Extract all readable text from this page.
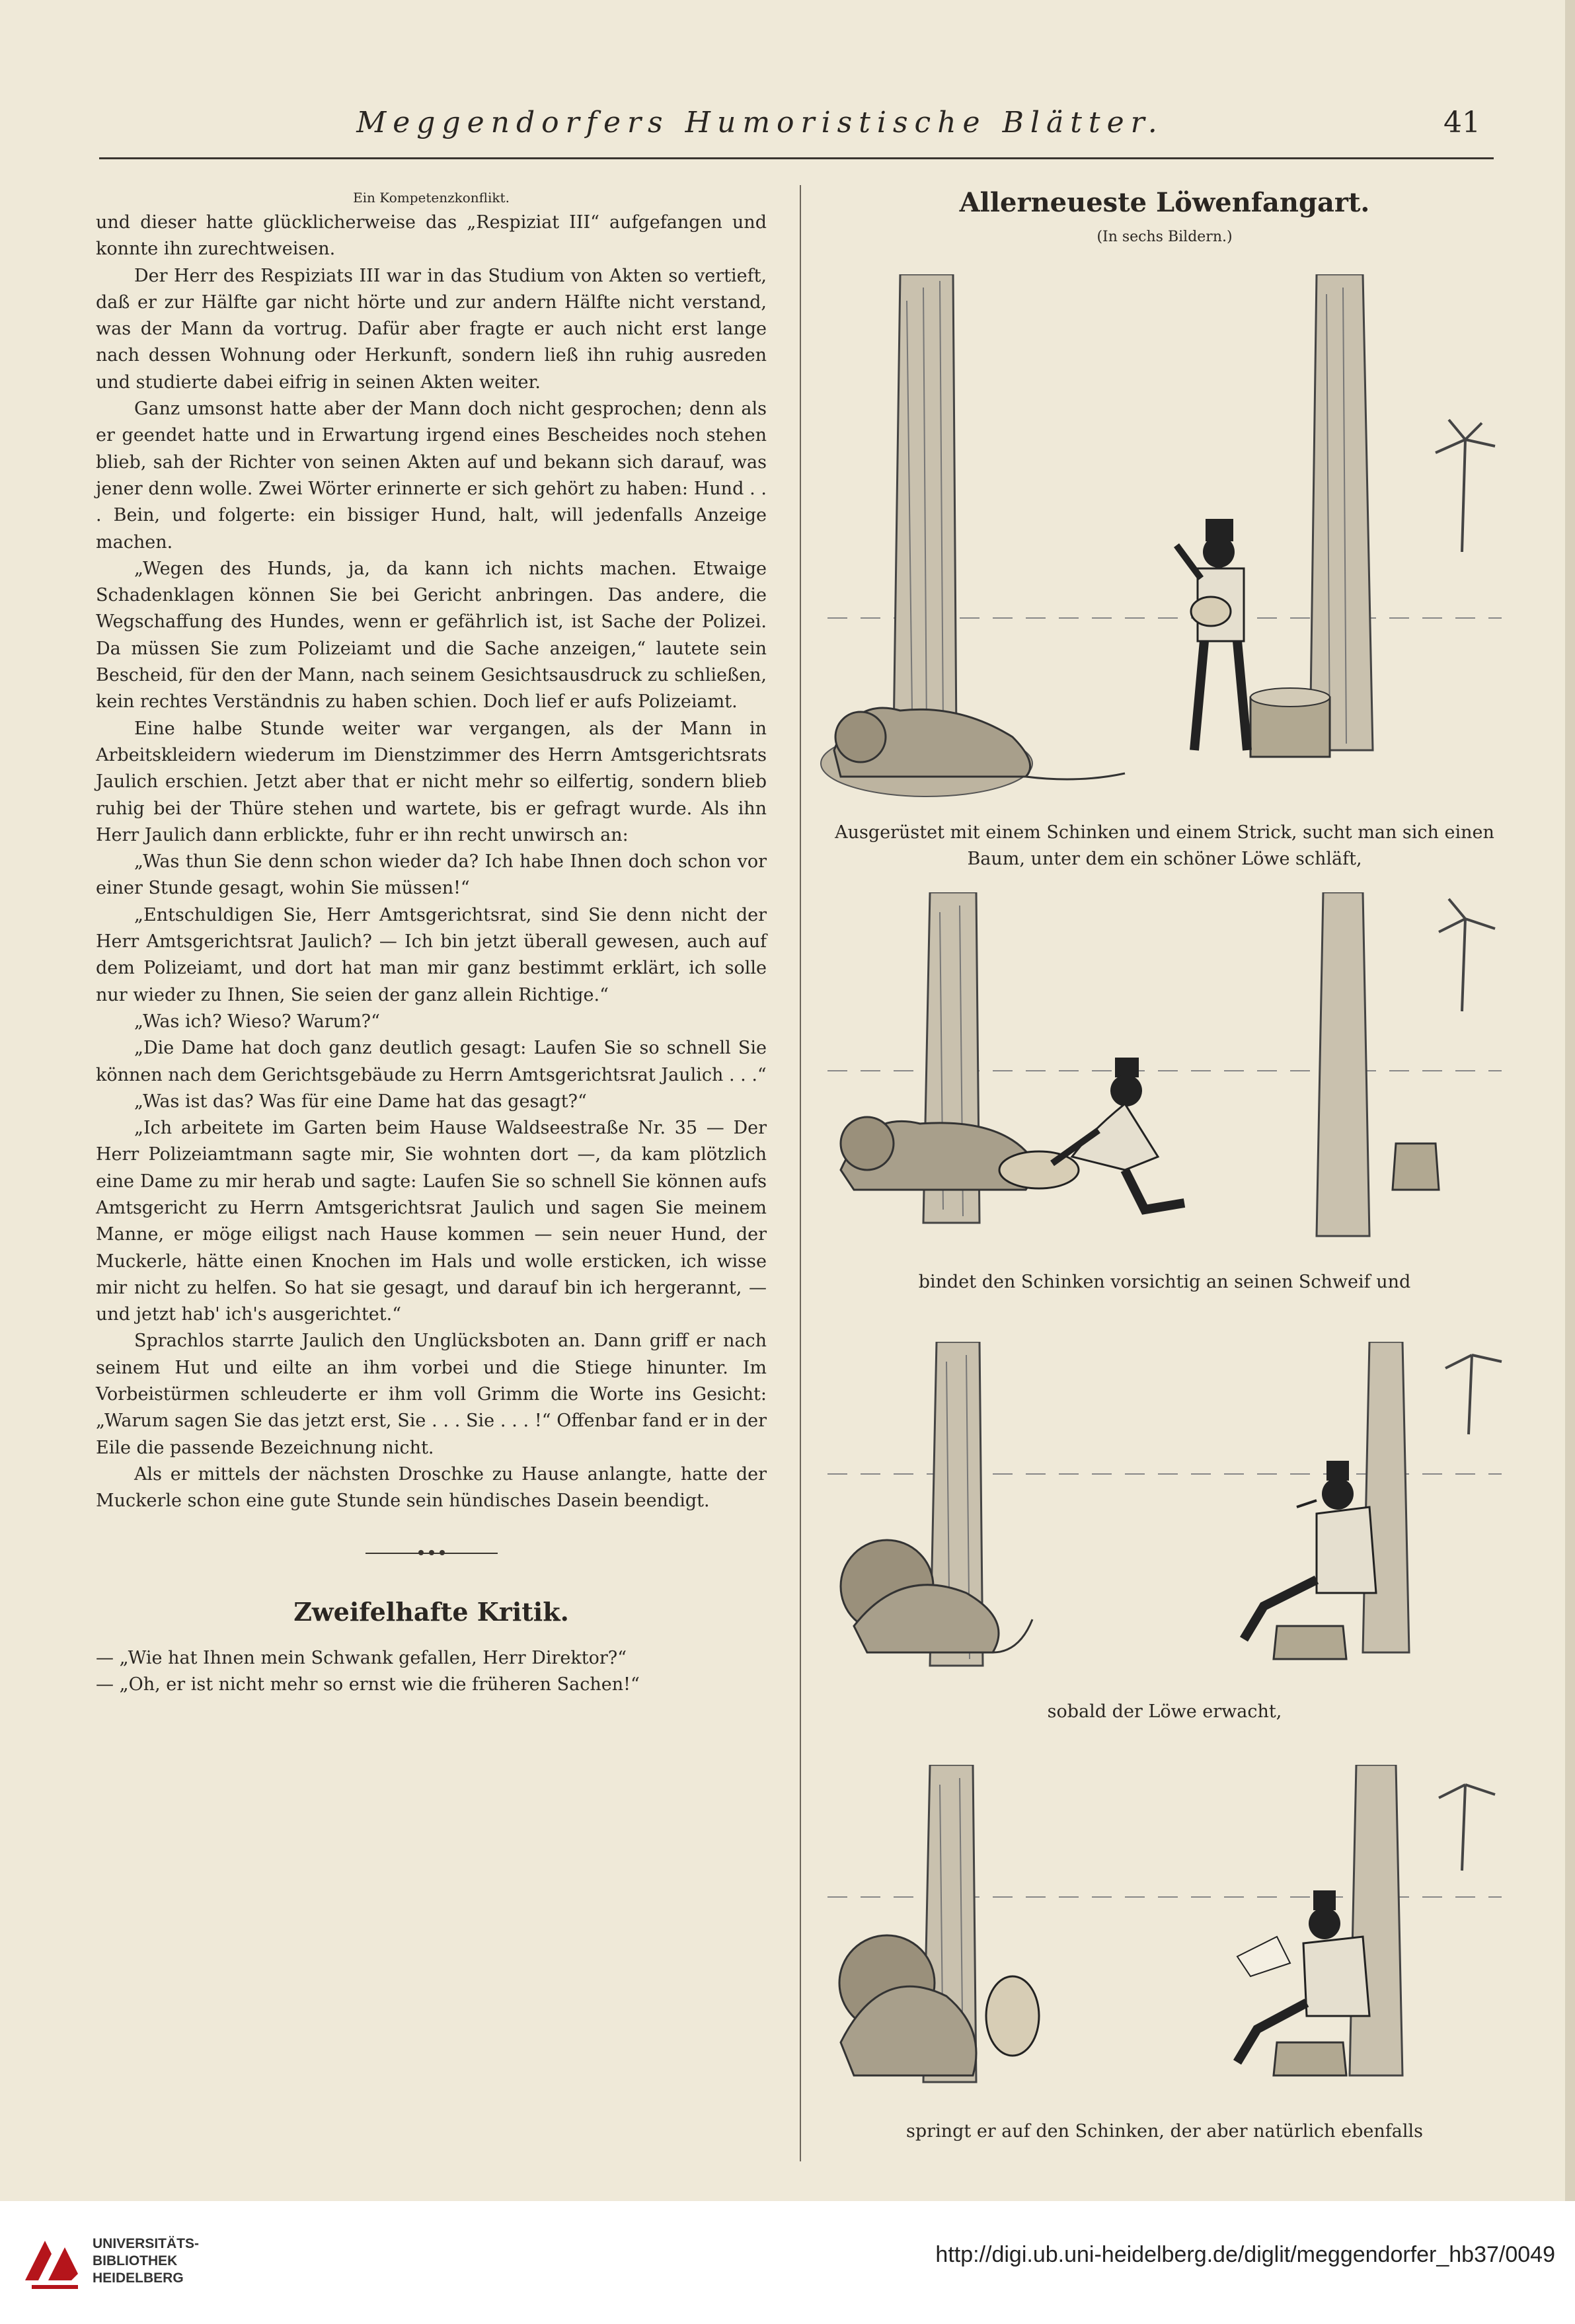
Meggendorfers Humoristische Blätter.	41
Ein Kompetenzkonflikt.

und dieser hatte glücklicherweise das „Respiziat III“ aufgefangen und konnte ihn zurechtweisen.

Der Herr des Respiziats III war in das Studium von Akten so vertieft, daß er zur Hälfte gar nicht hörte und zur andern Hälfte nicht verstand, was der Mann da vortrug. Dafür aber fragte er auch nicht erst lange nach dessen Wohnung oder Herkunft, sondern ließ ihn ruhig ausreden und studierte dabei eifrig in seinen Akten weiter.

Ganz umsonst hatte aber der Mann doch nicht gesprochen; denn als er geendet hatte und in Erwartung irgend eines Bescheides noch stehen blieb, sah der Richter von seinen Akten auf und bekann sich darauf, was jener denn wolle. Zwei Wörter erinnerte er sich gehört zu haben: Hund . . . Bein, und folgerte: ein bissiger Hund, halt, will jedenfalls Anzeige machen.

„Wegen des Hunds, ja, da kann ich nichts machen. Etwaige Schadenklagen können Sie bei Gericht anbringen. Das andere, die Wegschaffung des Hundes, wenn er gefährlich ist, ist Sache der Polizei. Da müssen Sie zum Polizeiamt und die Sache anzeigen,“ lautete sein Bescheid, für den der Mann, nach seinem Gesichtsausdruck zu schließen, kein rechtes Verständnis zu haben schien. Doch lief er aufs Polizeiamt.

Eine halbe Stunde weiter war vergangen, als der Mann in Arbeitskleidern wiederum im Dienstzimmer des Herrn Amtsgerichtsrats Jaulich erschien. Jetzt aber that er nicht mehr so eilfertig, sondern blieb ruhig bei der Thüre stehen und wartete, bis er gefragt wurde. Als ihn Herr Jaulich dann erblickte, fuhr er ihn recht unwirsch an:

„Was thun Sie denn schon wieder da? Ich habe Ihnen doch schon vor einer Stunde gesagt, wohin Sie müssen!“

„Entschuldigen Sie, Herr Amtsgerichtsrat, sind Sie denn nicht der Herr Amtsgerichtsrat Jaulich? — Ich bin jetzt überall gewesen, auch auf dem Polizeiamt, und dort hat man mir ganz bestimmt erklärt, ich solle nur wieder zu Ihnen, Sie seien der ganz allein Richtige.“

„Was ich? Wieso? Warum?“

„Die Dame hat doch ganz deutlich gesagt: Laufen Sie so schnell Sie können nach dem Gerichtsgebäude zu Herrn Amtsgerichtsrat Jaulich . . .“

„Was ist das? Was für eine Dame hat das gesagt?“

„Ich arbeitete im Garten beim Hause Waldseestraße Nr. 35 — Der Herr Polizeiamtmann sagte mir, Sie wohnten dort —, da kam plötzlich eine Dame zu mir herab und sagte: Laufen Sie so schnell Sie können aufs Amtsgericht zu Herrn Amtsgerichtsrat Jaulich und sagen Sie meinem Manne, er möge eiligst nach Hause kommen — sein neuer Hund, der Muckerle, hätte einen Knochen im Hals und wolle ersticken, ich wisse mir nicht zu helfen. So hat sie gesagt, und darauf bin ich hergerannt, — und jetzt hab' ich's ausgerichtet.“

Sprachlos starrte Jaulich den Unglücksboten an. Dann griff er nach seinem Hut und eilte an ihm vorbei und die Stiege hinunter. Im Vorbeistürmen schleuderte er ihm voll Grimm die Worte ins Gesicht: „Warum sagen Sie das jetzt erst, Sie . . . Sie . . . !“ Offenbar fand er in der Eile die passende Bezeichnung nicht.

Als er mittels der nächsten Droschke zu Hause anlangte, hatte der Muckerle schon eine gute Stunde sein hündisches Dasein beendigt.

Zweifelhafte Kritik.

— „Wie hat Ihnen mein Schwank gefallen, Herr Direktor?“

— „Oh, er ist nicht mehr so ernst wie die früheren Sachen!“

Allerneueste Löwenfangart.
(In sechs Bildern.)
Ausgerüstet mit einem Schinken und einem Strick, sucht man sich einen Baum, unter dem ein schöner Löwe schläft,
bindet den Schinken vorsichtig an seinen Schweif und
sobald der Löwe erwacht,
springt er auf den Schinken, der aber natürlich ebenfalls
UNIVERSITÄTS-
BIBLIOTHEK
HEIDELBERG
http://digi.ub.uni-heidelberg.de/diglit/meggendorfer_hb37/0049
